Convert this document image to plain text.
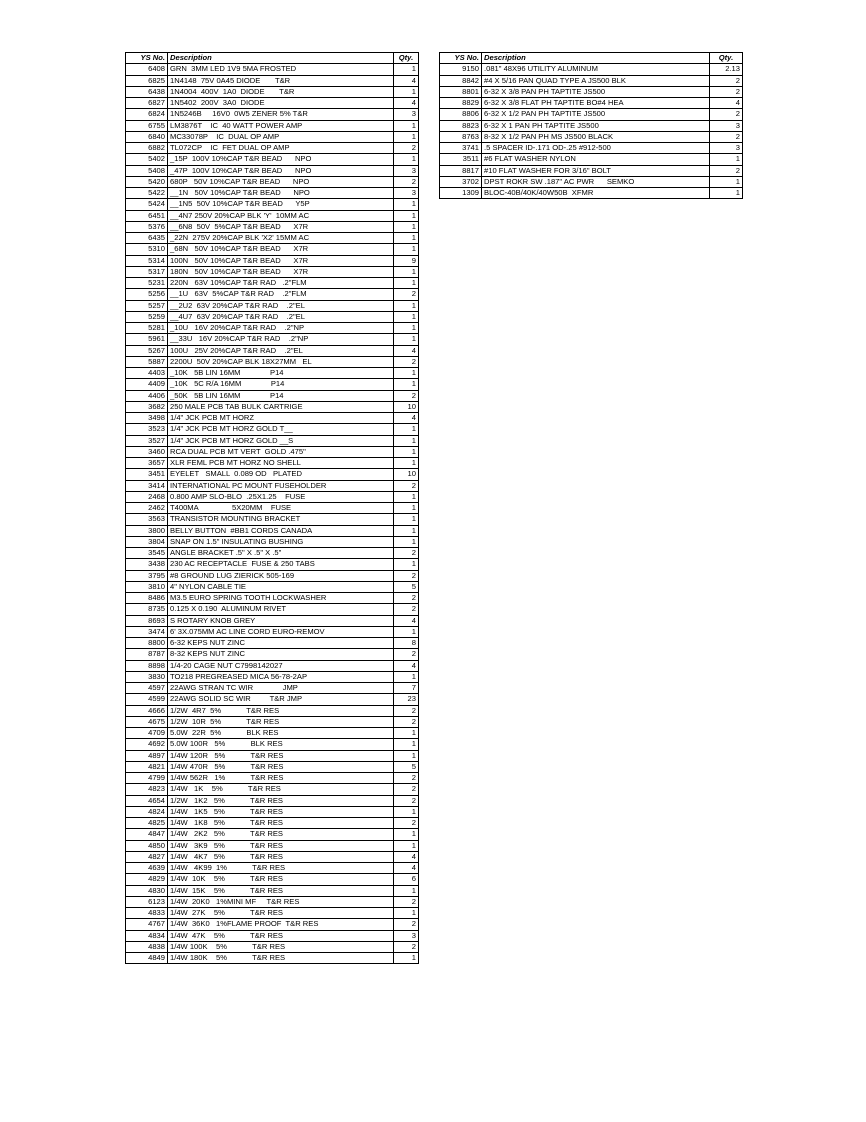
YS No.	Description	Qty.
6408	GRN  3MM LED 1V9 5MA FROSTED	1
6825	1N4148  75V 0A45 DIODE       T&R	4
6438	1N4004  400V  1A0  DIODE       T&R	1
6827	1N5402  200V  3A0  DIODE	4
6824	1N5246B     16V0  0W5 ZENER 5% T&R	3
6755	LM3876T    IC  40 WATT POWER AMP	1
6840	MC33078P    IC  DUAL OP AMP	1
6882	TL072CP    IC  FET DUAL OP AMP	2
5402	_15P  100V 10%CAP T&R BEAD      NPO	1
5408	_47P  100V 10%CAP T&R BEAD      NPO	3
5420	680P   50V 10%CAP T&R BEAD      NPO	2
5422	__1N   50V 10%CAP T&R BEAD      NPO	3
5424	__1N5  50V 10%CAP T&R BEAD      Y5P	1
6451	__4N7 250V 20%CAP BLK 'Y'  10MM AC	1
5376	__6N8  50V  5%CAP T&R BEAD      X7R	1
6435	_22N  275V 20%CAP BLK 'X2' 15MM AC	1
5310	_68N   50V 10%CAP T&R BEAD      X7R	1
5314	100N   50V 10%CAP T&R BEAD      X7R	9
5317	180N   50V 10%CAP T&R BEAD      X7R	1
5231	220N   63V 10%CAP T&R RAD   .2"FLM	1
5256	__1U   63V  5%CAP T&R RAD    .2"FLM	2
5257	__2U2  63V 20%CAP T&R RAD    .2"EL	1
5259	__4U7  63V 20%CAP T&R RAD    .2"EL	1
5281	_10U   16V 20%CAP T&R RAD    .2"NP	1
5961	__33U   16V 20%CAP T&R RAD    .2"NP	1
5267	100U   25V 20%CAP T&R RAD    .2"EL	4
5887	2200U  50V 20%CAP BLK 18X27MM   EL	2
4403	_10K   5B LIN 16MM              P14	1
4409	_10K   5C R/A 16MM              P14	1
4406	_50K   5B LIN 16MM              P14	2
3682	250 MALE PCB TAB BULK CARTRIGE	10
3498	1/4" JCK PCB MT HORZ	4
3523	1/4" JCK PCB MT HORZ GOLD T__	1
3527	1/4" JCK PCB MT HORZ GOLD __S	1
3460	RCA DUAL PCB MT VERT  GOLD .475"	1
3657	XLR FEML PCB MT HORZ NO SHELL	1
3451	EYELET   SMALL  0.089 OD   PLATED	10
3414	INTERNATIONAL PC MOUNT FUSEHOLDER	2
2468	0.800 AMP SLO-BLO  .25X1.25    FUSE	1
2462	T400MA                5X20MM    FUSE	1
3563	TRANSISTOR MOUNTING BRACKET	1
3800	BELLY BUTTON  #BB1 CORDS CANADA	1
3804	SNAP ON 1.5" INSULATING BUSHING	1
3545	ANGLE BRACKET .5" X .5" X .5"	2
3438	230 AC RECEPTACLE  FUSE & 250 TABS	1
3795	#8 GROUND LUG ZIERICK 505-169	2
3810	4" NYLON CABLE TIE	5
8486	M3.5 EURO SPRING TOOTH LOCKWASHER	2
8735	0.125 X 0.190  ALUMINUM RIVET	2
8693	S ROTARY KNOB GREY	4
3474	6' 3X.075MM AC LINE CORD EURO-REMOV	1
8800	6-32 KEPS NUT ZINC	8
8787	8-32 KEPS NUT ZINC	2
8898	1/4-20 CAGE NUT C7998142027	4
3830	TO218 PREGREASED MICA 56-78-2AP	1
4597	22AWG STRAN TC WIR              JMP	7
4599	22AWG SOLID SC WIR         T&R JMP	23
4666	1/2W  4R7  5%            T&R RES	2
4675	1/2W  10R  5%            T&R RES	2
4709	5.0W  22R  5%            BLK RES	1
4692	5.0W 100R   5%            BLK RES	1
4897	1/4W 120R   5%            T&R RES	1
4821	1/4W 470R   5%            T&R RES	5
4799	1/4W 562R   1%            T&R RES	2
4823	1/4W   1K    5%            T&R RES	2
4654	1/2W   1K2   5%            T&R RES	2
4824	1/4W   1K5   5%            T&R RES	1
4825	1/4W   1K8   5%            T&R RES	2
4847	1/4W   2K2   5%            T&R RES	1
4850	1/4W   3K9   5%            T&R RES	1
4827	1/4W   4K7   5%            T&R RES	4
4639	1/4W   4K99  1%            T&R RES	4
4829	1/4W  10K    5%            T&R RES	6
4830	1/4W  15K    5%            T&R RES	1
6123	1/4W  20K0   1%MINI MF     T&R RES	2
4833	1/4W  27K    5%            T&R RES	1
4767	1/4W  36K0   1%FLAME PROOF  T&R RES	2
4834	1/4W  47K    5%            T&R RES	3
4838	1/4W 100K    5%            T&R RES	2
4849	1/4W 180K    5%            T&R RES	1
YS No.	Description	Qty.
9150	.081" 48X96 UTILITY ALUMINUM	2.13
8842	#4 X 5/16 PAN QUAD TYPE A JS500 BLK	2
8801	6-32 X 3/8 PAN PH TAPTITE JS500	2
8829	6-32 X 3/8 FLAT PH TAPTITE BO#4 HEA	4
8806	6-32 X 1/2 PAN PH TAPTITE JS500	2
8823	6-32 X 1 PAN PH TAPTITE JS500	3
8763	8-32 X 1/2 PAN PH MS JS500 BLACK	2
3741	.5 SPACER ID-.171 OD-.25 #912-500	3
3511	#6 FLAT WASHER NYLON	1
8817	#10 FLAT WASHER FOR 3/16" BOLT	2
3702	DPST ROKR SW .187" AC PWR      SEMKO	1
1309	BLOC-40B/40K/40W50B  XFMR	1
